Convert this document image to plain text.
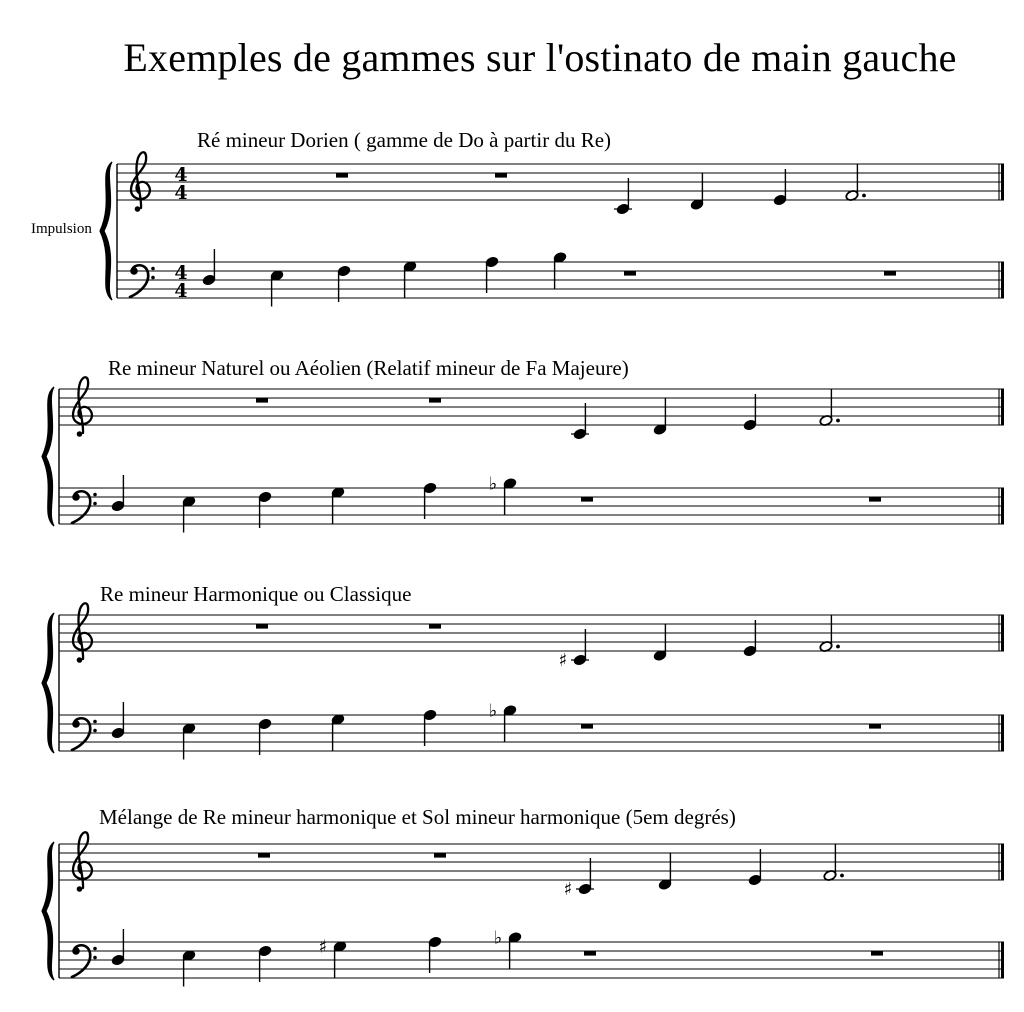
Exemples de gammes sur l'ostinato de main gauche
Impulsion
Ré mineur Dorien ( gamme de Do à partir du Re)
Re mineur Naturel ou Aéolien (Relatif mineur de Fa Majeure)
Re mineur Harmonique ou Classique
Mélange de Re mineur harmonique et Sol mineur harmonique (5em degrés)
4
4
4
4
♭
♯
♭
♯
♯	♭
